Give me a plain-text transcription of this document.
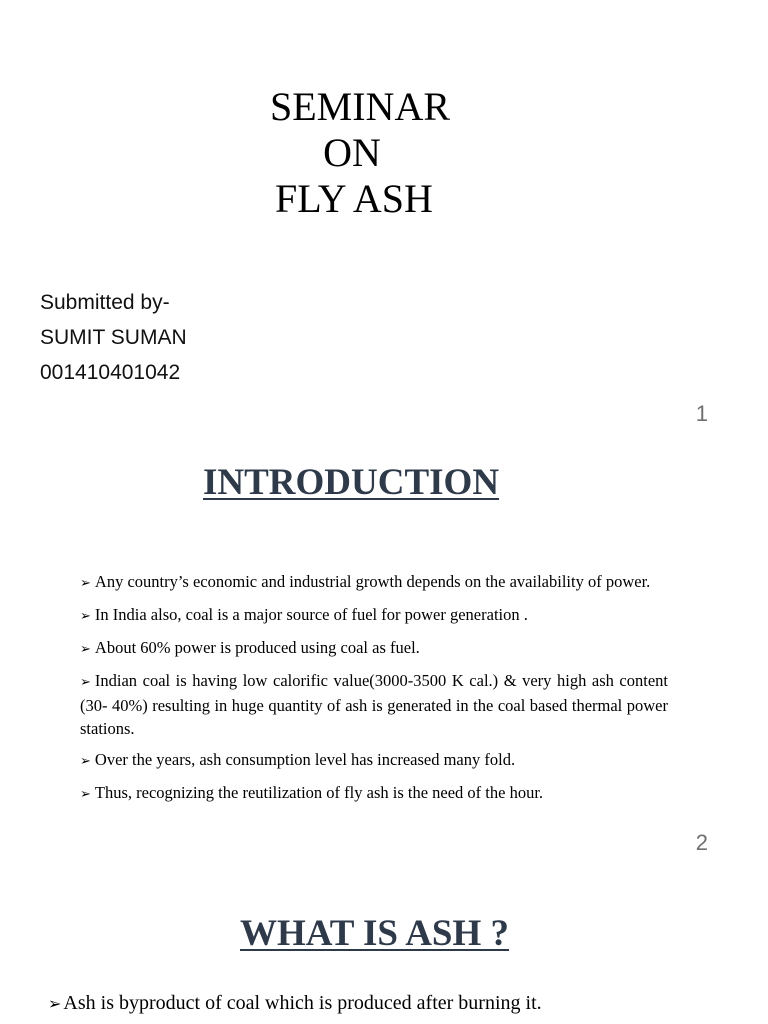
SEMINAR
ON
FLY ASH
Submitted by-
SUMIT SUMAN
001410401042
1
INTRODUCTION
➢ Any country’s economic and industrial growth depends on the availability of power.
➢ In India also, coal is a major source of fuel for power generation .
➢ About 60% power is produced using coal as fuel.
➢ Indian coal is having low calorific value(3000-3500 K cal.) & very high ash content (30- 40%) resulting in huge quantity of ash is generated in the coal based thermal power stations.
➢ Over the years, ash consumption level has increased many fold.
➢ Thus, recognizing the reutilization of fly ash is the need of the hour.
2
WHAT IS ASH ?
➢ Ash is byproduct of coal which is produced after burning it.
